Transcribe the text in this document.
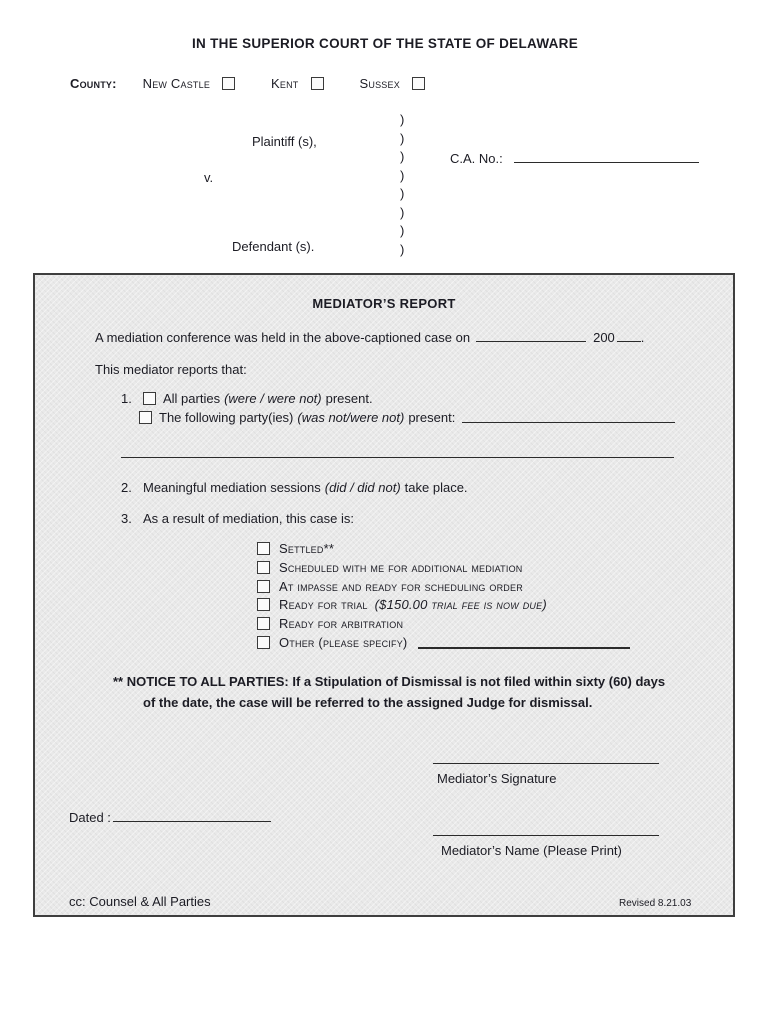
IN THE SUPERIOR COURT OF THE STATE OF DELAWARE
County: New Castle	Kent	Sussex
)
)
)
)
)
)
)
)
Plaintiff (s),
C.A. No.:
v.
Defendant (s).
MEDIATOR’S REPORT
A mediation conference was held in the above-captioned case on	200 .
This mediator reports that:
1.	All parties (were / were not) present.
The following party(ies) (was not/were not) present:
2. Meaningful mediation sessions (did / did not) take place.
3. As a result of mediation, this case is:
Settled**
Scheduled with me for additional mediation
At impasse and ready for scheduling order
Ready for trial ($150.00 trial fee is now due)
Ready for arbitration
Other (please specify)
** NOTICE TO ALL PARTIES: If a Stipulation of Dismissal is not filed within sixty (60) days
of the date, the case will be referred to the assigned Judge for dismissal.
Mediator’s Signature
Dated :
Mediator’s Name (Please Print)
cc: Counsel & All Parties	Revised 8.21.03
